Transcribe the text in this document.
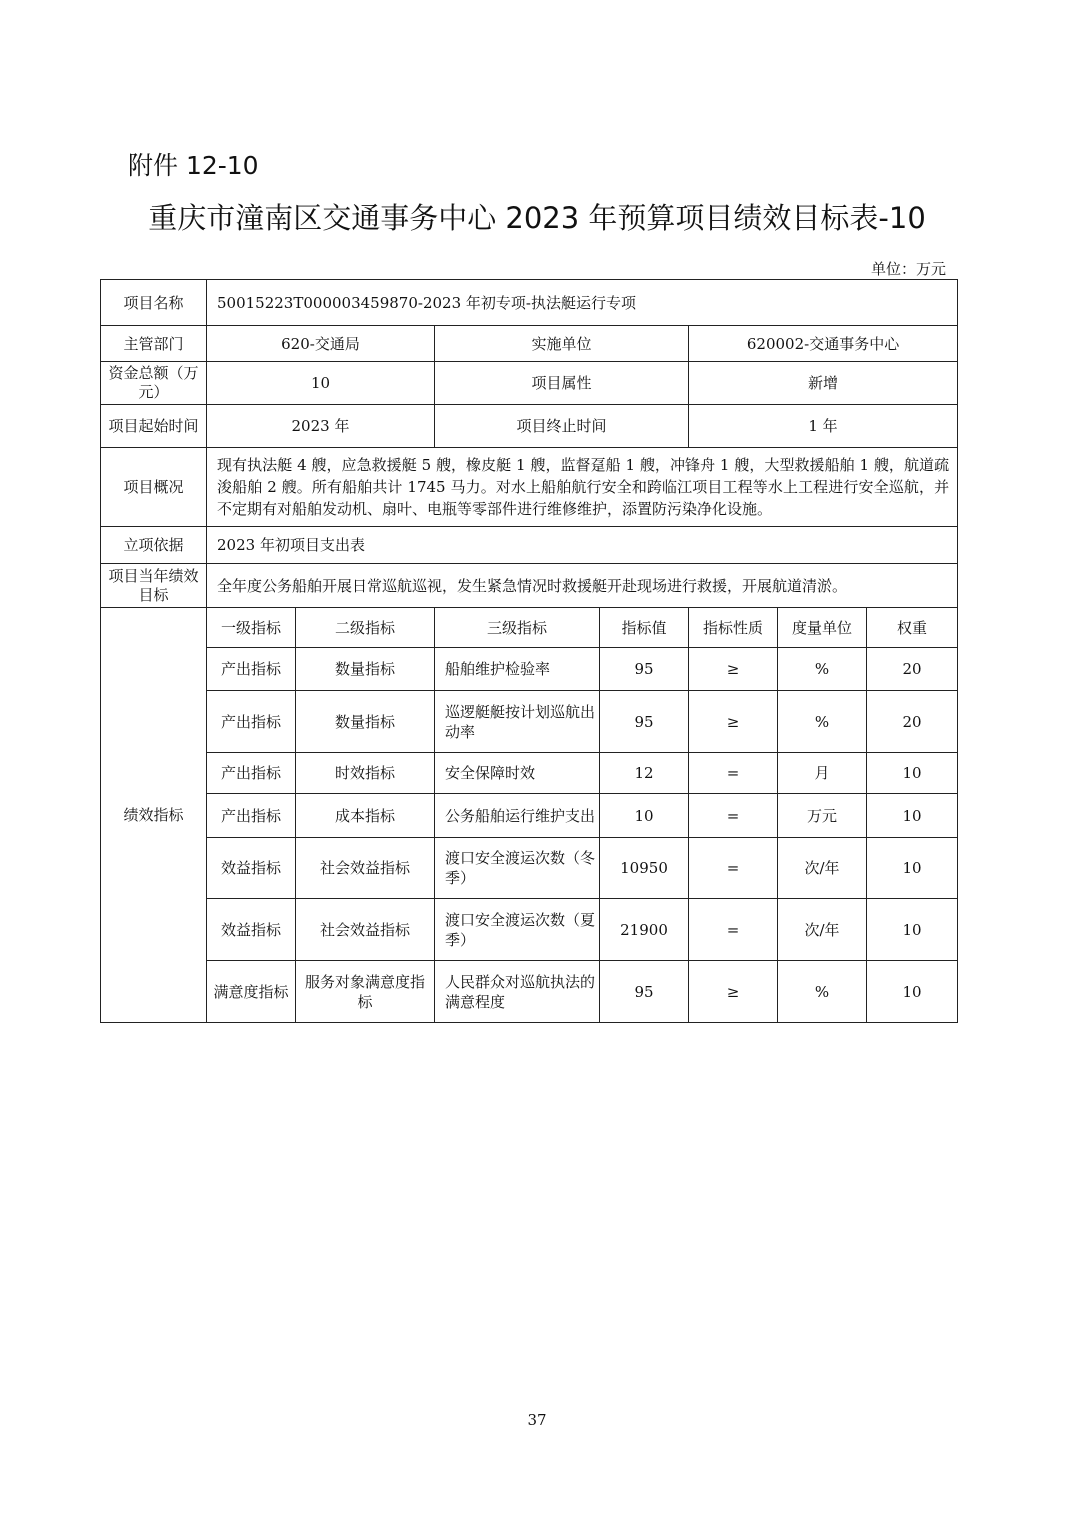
附件 12-10
重庆市潼南区交通事务中心 2023 年预算项目绩效目标表-10
单位：万元
项目名称	50015223T000003459870-2023 年初专项-执法艇运行专项						
主管部门	620-交通局		实施单位		620002-交通事务中心		
资金总额（万元）	10		项目属性		新增		
项目起始时间	2023 年		项目终止时间		1 年		
项目概况	现有执法艇 4 艘，应急救援艇 5 艘，橡皮艇 1 艘，监督趸船 1 艘，冲锋舟 1 艘，大型救援船舶 1 艘，航道疏浚船舶 2 艘。所有船舶共计 1745 马力。对水上船舶航行安全和跨临江项目工程等水上工程进行安全巡航，并不定期有对船舶发动机、扇叶、电瓶等零部件进行维修维护，添置防污染净化设施。						
立项依据	2023 年初项目支出表						
项目当年绩效目标	全年度公务船舶开展日常巡航巡视，发生紧急情况时救援艇开赴现场进行救援，开展航道清淤。						
绩效指标	一级指标	二级指标	三级指标	指标值	指标性质	度量单位	权重
	产出指标	数量指标	船舶维护检验率	95	≥	%	20
	产出指标	数量指标	巡逻艇艇按计划巡航出动率	95	≥	%	20
	产出指标	时效指标	安全保障时效	12	=	月	10
	产出指标	成本指标	公务船舶运行维护支出	10	=	万元	10
	效益指标	社会效益指标	渡口安全渡运次数（冬季）	10950	=	次/年	10
	效益指标	社会效益指标	渡口安全渡运次数（夏季）	21900	=	次/年	10
	满意度指标	服务对象满意度指标	人民群众对巡航执法的满意程度	95	≥	%	10
37
